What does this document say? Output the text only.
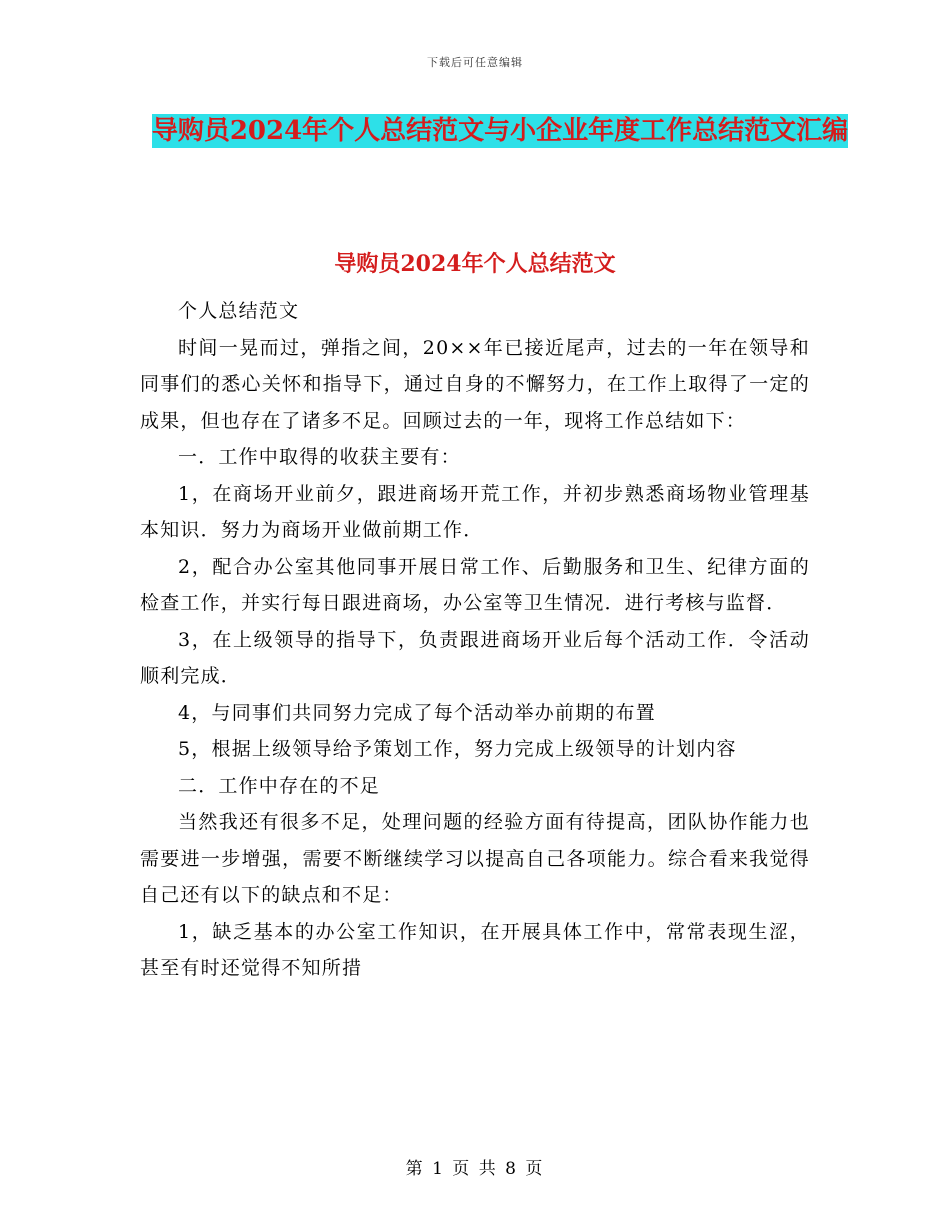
下载后可任意编辑
导购员2024年个人总结范文与小企业年度工作总结范文汇编
导购员2024年个人总结范文

个人总结范文

时间一晃而过，弹指之间，20××年已接近尾声，过去的一年在领导和同事们的悉心关怀和指导下，通过自身的不懈努力，在工作上取得了一定的成果，但也存在了诸多不足。回顾过去的一年，现将工作总结如下：

一．工作中取得的收获主要有：

1，在商场开业前夕，跟进商场开荒工作，并初步熟悉商场物业管理基本知识．努力为商场开业做前期工作．

2，配合办公室其他同事开展日常工作、后勤服务和卫生、纪律方面的检查工作，并实行每日跟进商场，办公室等卫生情况．进行考核与监督．

3，在上级领导的指导下，负责跟进商场开业后每个活动工作．令活动顺利完成．

4，与同事们共同努力完成了每个活动举办前期的布置

5，根据上级领导给予策划工作，努力完成上级领导的计划内容

二．工作中存在的不足

当然我还有很多不足，处理问题的经验方面有待提高，团队协作能力也需要进一步增强，需要不断继续学习以提高自己各项能力。综合看来我觉得自己还有以下的缺点和不足：

1，缺乏基本的办公室工作知识，在开展具体工作中，常常表现生涩，甚至有时还觉得不知所措

第 1 页 共 8 页
